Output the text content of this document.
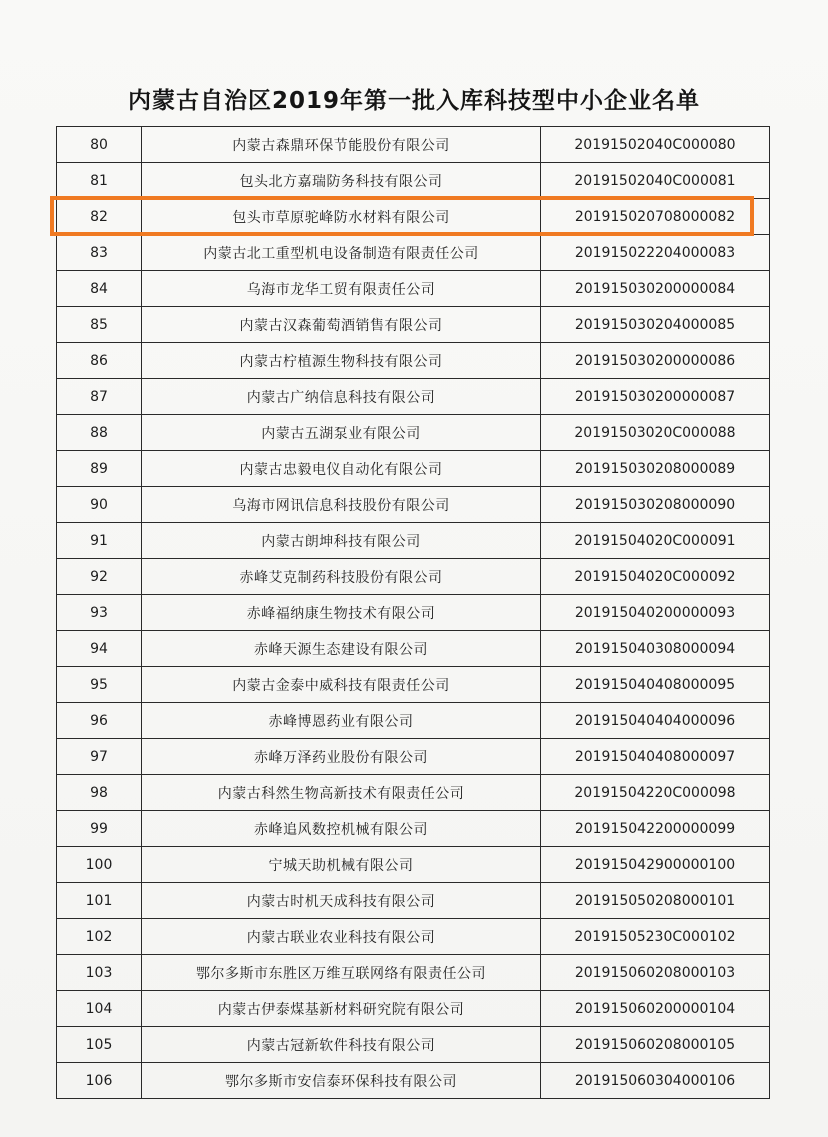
内蒙古自治区2019年第一批入库科技型中小企业名单
80	内蒙古森鼎环保节能股份有限公司	20191502040C000080
81	包头北方嘉瑞防务科技有限公司	20191502040C000081
82	包头市草原驼峰防水材料有限公司	201915020708000082
83	内蒙古北工重型机电设备制造有限责任公司	201915022204000083
84	乌海市龙华工贸有限责任公司	201915030200000084
85	内蒙古汉森葡萄酒销售有限公司	201915030204000085
86	内蒙古柠植源生物科技有限公司	201915030200000086
87	内蒙古广纳信息科技有限公司	201915030200000087
88	内蒙古五湖泵业有限公司	20191503020C000088
89	内蒙古忠毅电仪自动化有限公司	201915030208000089
90	乌海市网讯信息科技股份有限公司	201915030208000090
91	内蒙古朗坤科技有限公司	20191504020C000091
92	赤峰艾克制药科技股份有限公司	20191504020C000092
93	赤峰福纳康生物技术有限公司	201915040200000093
94	赤峰天源生态建设有限公司	201915040308000094
95	内蒙古金泰中威科技有限责任公司	201915040408000095
96	赤峰博恩药业有限公司	201915040404000096
97	赤峰万泽药业股份有限公司	201915040408000097
98	内蒙古科然生物高新技术有限责任公司	20191504220C000098
99	赤峰追风数控机械有限公司	201915042200000099
100	宁城天助机械有限公司	201915042900000100
101	内蒙古时机天成科技有限公司	201915050208000101
102	内蒙古联业农业科技有限公司	20191505230C000102
103	鄂尔多斯市东胜区万维互联网络有限责任公司	201915060208000103
104	内蒙古伊泰煤基新材料研究院有限公司	201915060200000104
105	内蒙古冠新软件科技有限公司	201915060208000105
106	鄂尔多斯市安信泰环保科技有限公司	201915060304000106
